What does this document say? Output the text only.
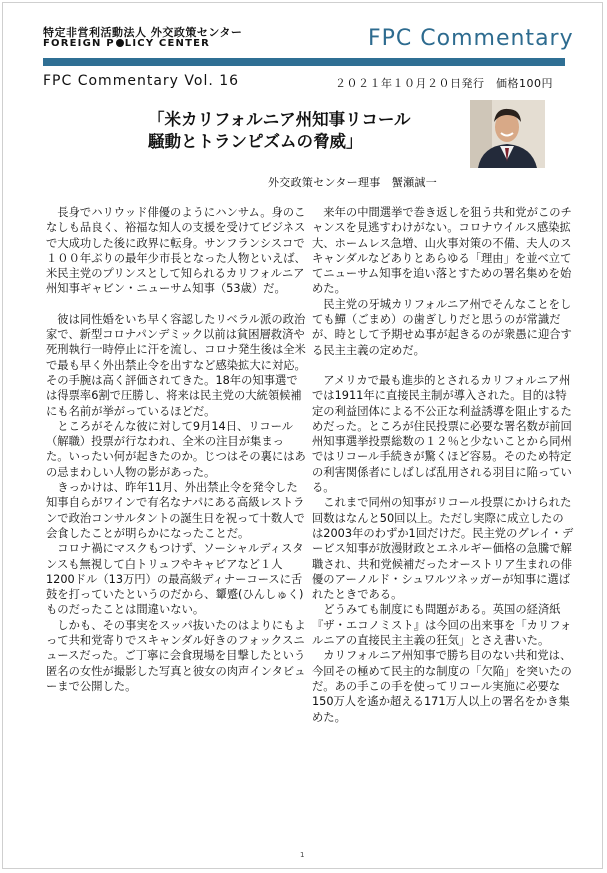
特定非営利活動法人 外交政策センター
FOREIGN P LICY CENTER	FPC Commentary
FPC Commentary Vol. 16	２０２１年１０月２０日発行　価格100円
「米カリフォルニア州知事リコール
騒動とトランピズムの脅威」
外交政策センター理事　蟹瀬誠一

長身でハリウッド俳優のようにハンサム。身のこなしも品良く、裕福な知人の支援を受けてビジネスで大成功した後に政界に転身。サンフランシスコで１００年ぶりの最年少市長となった人物といえば、米民主党のプリンスとして知られるカリフォルニア州知事ギャビン・ニューサム知事（53歳）だ。

彼は同性婚をいち早く容認したリベラル派の政治家で、新型コロナパンデミック以前は貧困層救済や死刑執行一時停止に汗を流し、コロナ発生後は全米で最も早く外出禁止令を出すなど感染拡大に対応。その手腕は高く評価されてきた。18年の知事選では得票率6割で圧勝し、将来は民主党の大統領候補にも名前が挙がっているほどだ。

ところがそんな彼に対して9月14日、リコール（解職）投票が行なわれ、全米の注目が集まった。いったい何が起きたのか。じつはその裏にはあの忌まわしい人物の影があった。

きっかけは、昨年11月、外出禁止令を発令した知事自らがワインで有名なナパにある高級レストランで政治コンサルタントの誕生日を祝って十数人で会食したことが明らかになったことだ。

コロナ禍にマスクもつけず、ソーシャルディスタンスも無視して白トリュフやキャビアなど１人1200ドル（13万円）の最高級ディナーコースに舌鼓を打っていたというのだから、顰蹙(ひんしゅく)ものだったことは間違いない。

しかも、その事実をスッパ抜いたのはよりにもよって共和党寄りでスキャンダル好きのフォックスニュースだった。ご丁寧に会食現場を目撃したという匿名の女性が撮影した写真と彼女の肉声インタビューまで公開した。

来年の中間選挙で巻き返しを狙う共和党がこのチャンスを見逃すわけがない。コロナウイルス感染拡大、ホームレス急増、山火事対策の不備、夫人のスキャンダルなどありとあらゆる「理由」を並べ立ててニューサム知事を追い落とすための署名集めを始めた。

民主党の牙城カリフォルニア州でそんなことをしても鱓（ごまめ）の歯ぎしりだと思うのが常識だが、時として予期せぬ事が起きるのが衆愚に迎合する民主主義の定めだ。

アメリカで最も進歩的とされるカリフォルニア州では1911年に直接民主制が導入された。目的は特定の利益団体による不公正な利益誘導を阻止するためだった。ところが住民投票に必要な署名数が前回州知事選挙投票総数の１２％と少ないことから同州ではリコール手続きが驚くほど容易。そのため特定の利害関係者にしばしば乱用される羽目に陥っている。

これまで同州の知事がリコール投票にかけられた回数はなんと50回以上。ただし実際に成立したのは2003年のわずか1回だけだ。民主党のグレイ・デービス知事が放漫財政とエネルギー価格の急騰で解職され、共和党候補だったオーストリア生まれの俳優のアーノルド・シュワルツネッガーが知事に選ばれたときである。

どうみても制度にも問題がある。英国の経済紙『ザ・エコノミスト』は今回の出来事を「カリフォルニアの直接民主主義の狂気」とさえ書いた。

カリフォルニア州知事で勝ち目のない共和党は、今回その極めて民主的な制度の「欠陥」を突いたのだ。あの手この手を使ってリコール実施に必要な150万人を遙か超える171万人以上の署名をかき集めた。

1
